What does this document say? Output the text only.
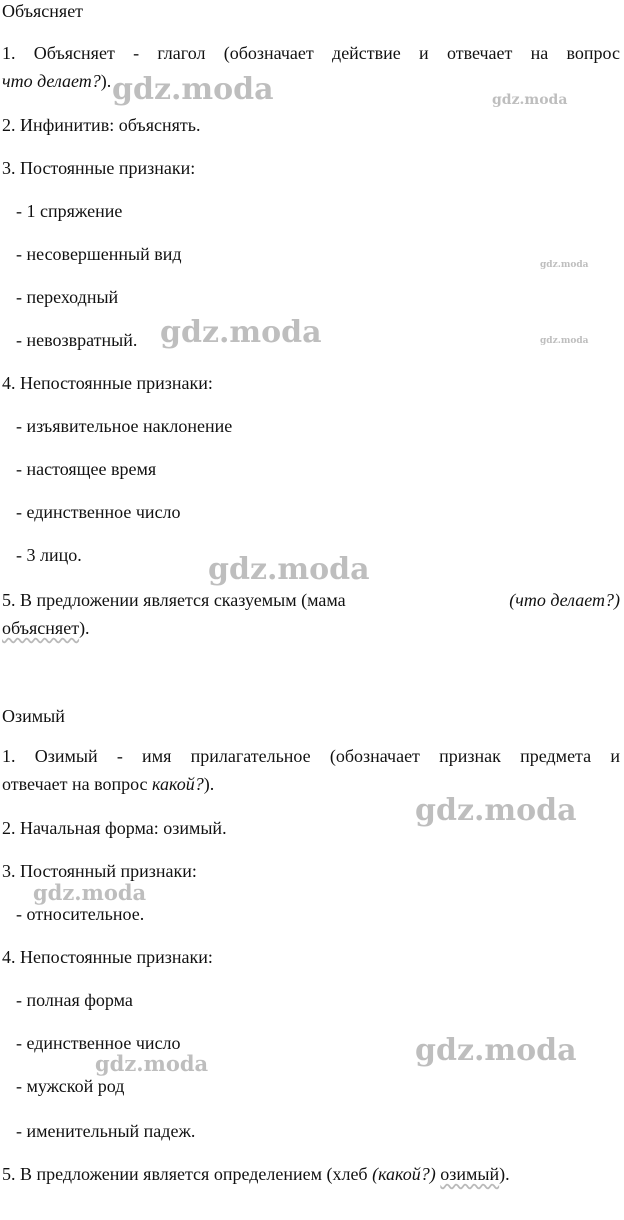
Объясняет
1. Объясняет - глагол (обозначает действие и отвечает на вопрос
что делает?).
2. Инфинитив: объяснять.
3. Постоянные признаки:
- 1 спряжение
- несовершенный вид
- переходный
- невозвратный.
4. Непостоянные признаки:
- изъявительное наклонение
- настоящее время
- единственное число
- 3 лицо.
5. В предложении является сказуемым (мама	(что делает?)
объясняет).
Озимый
1. Озимый - имя прилагательное (обозначает признак предмета и
отвечает на вопрос какой?).
2. Начальная форма: озимый.
3. Постоянный признаки:
- относительное.
4. Непостоянные признаки:
- полная форма
- единственное число
- мужской род
- именительный падеж.
5. В предложении является определением (хлеб (какой?) озимый).
gdz.moda	gdz.moda
gdz.moda
gdz.moda	gdz.moda
gdz.moda
gdz.moda
gdz.moda
gdz.moda
gdz.moda
